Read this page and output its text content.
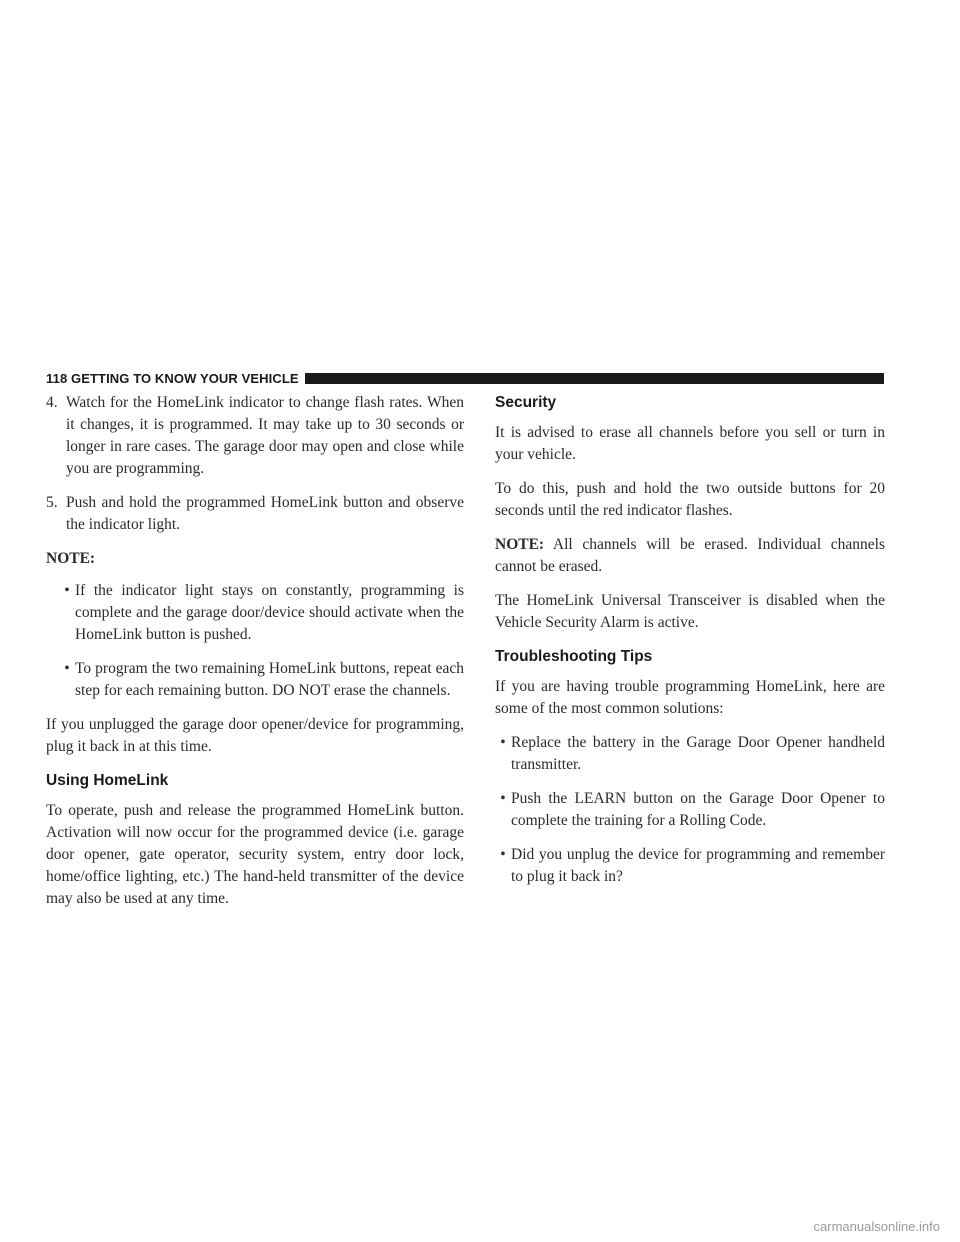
118 GETTING TO KNOW YOUR VEHICLE
4. Watch for the HomeLink indicator to change flash rates. When it changes, it is programmed. It may take up to 30 seconds or longer in rare cases. The garage door may open and close while you are programming.
5. Push and hold the programmed HomeLink button and observe the indicator light.
NOTE:
• If the indicator light stays on constantly, programming is complete and the garage door/device should activate when the HomeLink button is pushed.
• To program the two remaining HomeLink buttons, repeat each step for each remaining button. DO NOT erase the channels.

If you unplugged the garage door opener/device for programming, plug it back in at this time.

Using HomeLink

To operate, push and release the programmed HomeLink button. Activation will now occur for the programmed device (i.e. garage door opener, gate operator, security system, entry door lock, home/office lighting, etc.) The hand-held transmitter of the device may also be used at any time.

Security

It is advised to erase all channels before you sell or turn in your vehicle.

To do this, push and hold the two outside buttons for 20 seconds until the red indicator flashes.

NOTE: All channels will be erased. Individual channels cannot be erased.

The HomeLink Universal Transceiver is disabled when the Vehicle Security Alarm is active.

Troubleshooting Tips

If you are having trouble programming HomeLink, here are some of the most common solutions:

• Replace the battery in the Garage Door Opener handheld transmitter.
• Push the LEARN button on the Garage Door Opener to complete the training for a Rolling Code.
• Did you unplug the device for programming and remember to plug it back in?
carmanualsonline.info
